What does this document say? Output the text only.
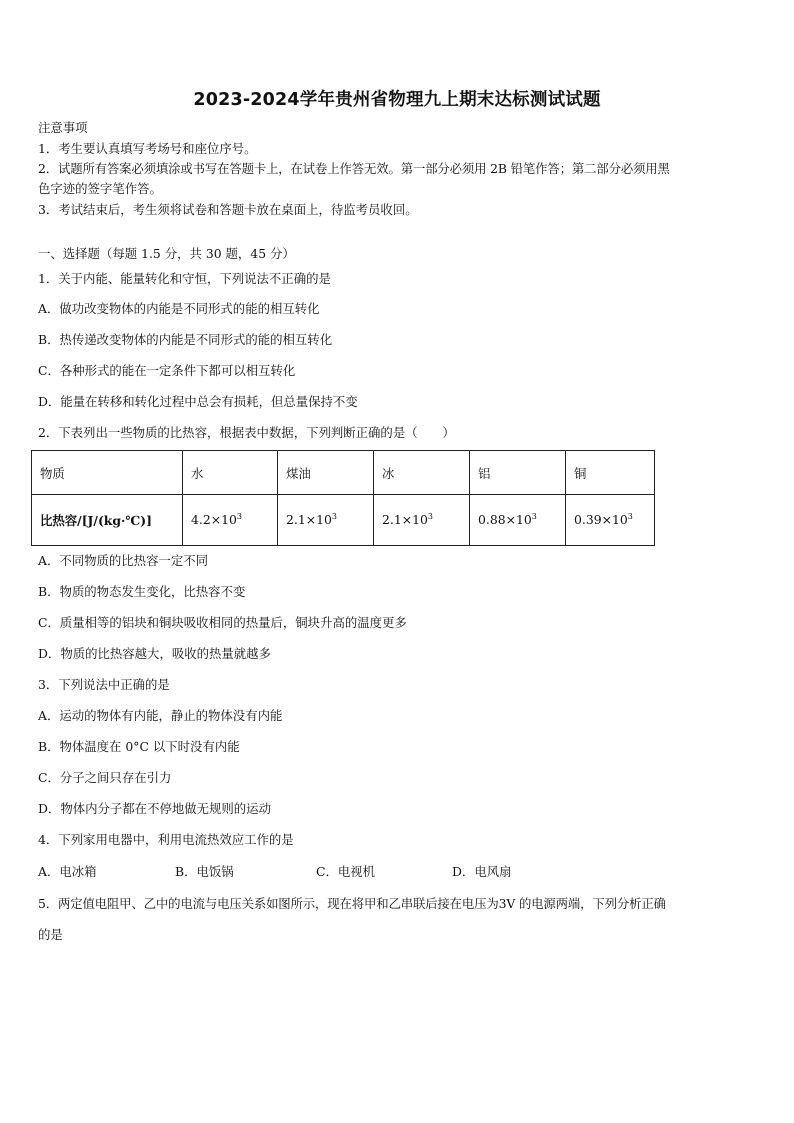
2023-2024学年贵州省物理九上期末达标测试试题
注意事项
1．考生要认真填写考场号和座位序号。
2．试题所有答案必须填涂或书写在答题卡上，在试卷上作答无效。第一部分必须用 2B 铅笔作答；第二部分必须用黑
色字迹的签字笔作答。
3．考试结束后，考生须将试卷和答题卡放在桌面上，待监考员收回。
一、选择题（每题 1.5 分，共 30 题，45 分）
1．关于内能、能量转化和守恒，下列说法不正确的是
A．做功改变物体的内能是不同形式的能的相互转化
B．热传递改变物体的内能是不同形式的能的相互转化
C．各种形式的能在一定条件下都可以相互转化
D．能量在转移和转化过程中总会有损耗，但总量保持不变
2．下表列出一些物质的比热容，根据表中数据，下列判断正确的是（　　）
物质	水	煤油	冰	铝	铜
比热容/[J/(kg·℃)]	$4.2\times 10^3$	$2.1\times 10^3$	$2.1\times 10^3$	$0.88\times 10^3$	$0.39\times 10^3$
A．不同物质的比热容一定不同
B．物质的物态发生变化，比热容不变
C．质量相等的铝块和铜块吸收相同的热量后，铜块升高的温度更多
D．物质的比热容越大，吸收的热量就越多
3．下列说法中正确的是
A．运动的物体有内能，静止的物体没有内能
B．物体温度在 0°C 以下时没有内能
C．分子之间只存在引力
D．物体内分子都在不停地做无规则的运动
4．下列家用电器中，利用电流热效应工作的是
A．电冰箱	B．电饭锅	C．电视机	D．电风扇
5．两定值电阻甲、乙中的电流与电压关系如图所示，现在将甲和乙串联后接在电压为3V 的电源两端，下列分析正确
的是
